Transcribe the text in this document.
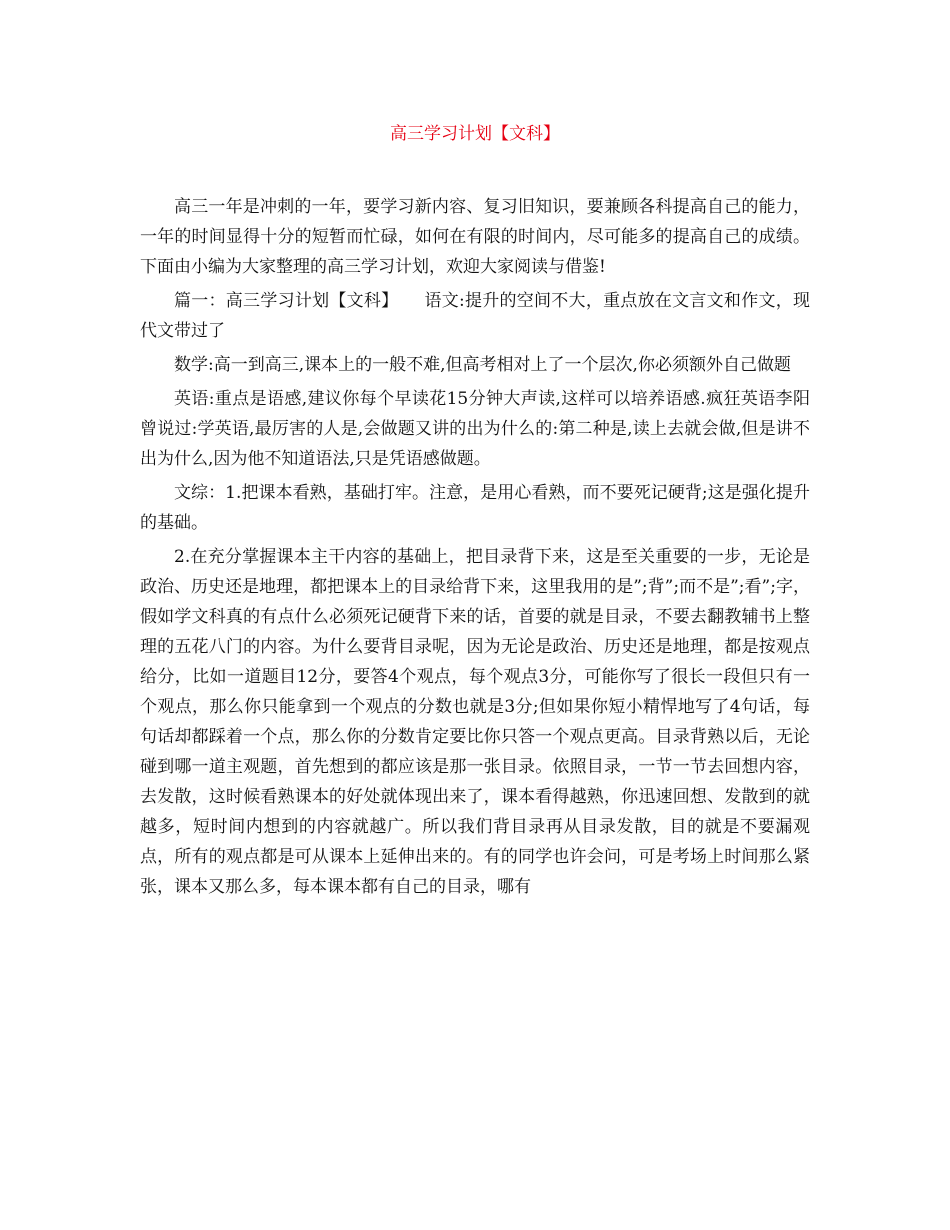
高三学习计划【文科】

高三一年是冲刺的一年，要学习新内容、复习旧知识，要兼顾各科提高自己的能力，一年的时间显得十分的短暂而忙碌，如何在有限的时间内，尽可能多的提高自己的成绩。下面由小编为大家整理的高三学习计划，欢迎大家阅读与借鉴!

篇一：高三学习计划【文科】　　语文:提升的空间不大，重点放在文言文和作文，现代文带过了

数学:高一到高三,课本上的一般不难,但高考相对上了一个层次,你必须额外自己做题

英语:重点是语感,建议你每个早读花15分钟大声读,这样可以培养语感.疯狂英语李阳曾说过:学英语,最厉害的人是,会做题又讲的出为什么的:第二种是,读上去就会做,但是讲不出为什么,因为他不知道语法,只是凭语感做题。

文综：1.把课本看熟，基础打牢。注意，是用心看熟，而不要死记硬背;这是强化提升的基础。

2.在充分掌握课本主干内容的基础上，把目录背下来，这是至关重要的一步，无论是政治、历史还是地理，都把课本上的目录给背下来，这里我用的是”;背”;而不是”;看”;字，假如学文科真的有点什么必须死记硬背下来的话，首要的就是目录，不要去翻教辅书上整理的五花八门的内容。为什么要背目录呢，因为无论是政治、历史还是地理，都是按观点给分，比如一道题目12分，要答4个观点，每个观点3分，可能你写了很长一段但只有一个观点，那么你只能拿到一个观点的分数也就是3分;但如果你短小精悍地写了4句话，每句话却都踩着一个点，那么你的分数肯定要比你只答一个观点更高。目录背熟以后，无论碰到哪一道主观题，首先想到的都应该是那一张目录。依照目录，一节一节去回想内容，去发散，这时候看熟课本的好处就体现出来了，课本看得越熟，你迅速回想、发散到的就越多，短时间内想到的内容就越广。所以我们背目录再从目录发散，目的就是不要漏观点，所有的观点都是可从课本上延伸出来的。有的同学也许会问，可是考场上时间那么紧张，课本又那么多，每本课本都有自己的目录，哪有
